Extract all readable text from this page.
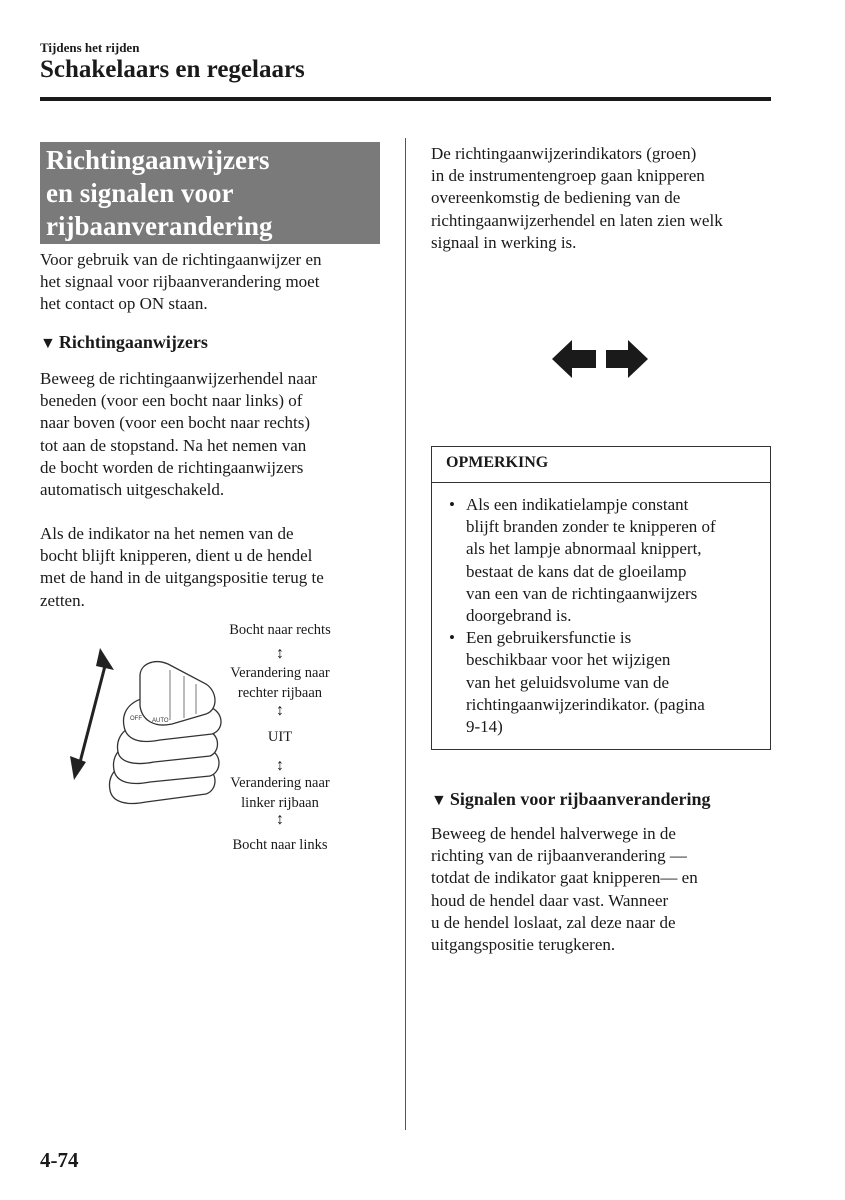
Tijdens het rijden
Schakelaars en regelaars
Richtingaanwijzers
en signalen voor
rijbaanverandering
Voor gebruik van de richtingaanwijzer en
het signaal voor rijbaanverandering moet
het contact op ON staan.
▼ Richtingaanwijzers
Beweeg de richtingaanwijzerhendel naar
beneden (voor een bocht naar links) of
naar boven (voor een bocht naar rechts)
tot aan de stopstand. Na het nemen van
de bocht worden de richtingaanwijzers
automatisch uitgeschakeld.
Als de indikator na het nemen van de
bocht blijft knipperen, dient u de hendel
met de hand in de uitgangspositie terug te
zetten.
OFF AUTO
Bocht naar rechts
↕
Verandering naar
rechter rijbaan
↕
UIT
↕
Verandering naar
linker rijbaan
↕
Bocht naar links
De richtingaanwijzerindikators (groen)
in de instrumentengroep gaan knipperen
overeenkomstig de bediening van de
richtingaanwijzerhendel en laten zien welk
signaal in werking is.
OPMERKING
• Als een indikatielampje constant
blijft branden zonder te knipperen of
als het lampje abnormaal knippert,
bestaat de kans dat de gloeilamp
van een van de richtingaanwijzers
doorgebrand is.
• Een gebruikersfunctie is
beschikbaar voor het wijzigen
van het geluidsvolume van de
richtingaanwijzerindikator. (pagina
9-14)
▼ Signalen voor rijbaanverandering
Beweeg de hendel halverwege in de
richting van de rijbaanverandering —
totdat de indikator gaat knipperen— en
houd de hendel daar vast. Wanneer
u de hendel loslaat, zal deze naar de
uitgangspositie terugkeren.
4-74
